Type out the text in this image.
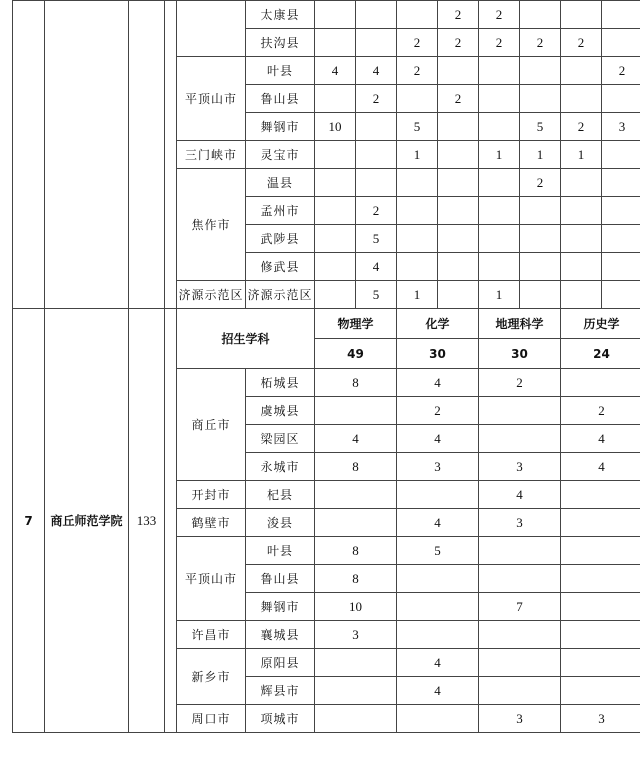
					太康县				2	2			
					扶沟县			2	2	2	2	2	
				平顶山市	叶县	4	4	2					2
					鲁山县		2		2				
					舞钢市	10		5			5	2	3
				三门峡市	灵宝市			1		1	1	1	
				焦作市	温县						2		
					孟州市		2						
					武陟县		5						
					修武县		4						
				济源示范区	济源示范区		5	1		1			
7	商丘师范学院	133		招生学科		物理学		化学		地理科学		历史学	
						49		30		30		24	
				商丘市	柘城县	8		4		2			
					虞城县			2				2	
					梁园区	4		4				4	
					永城市	8		3		3		4	
				开封市	杞县					4			
				鹤壁市	浚县			4		3			
				平顶山市	叶县	8		5					
					鲁山县	8							
					舞钢市	10				7			
				许昌市	襄城县	3							
				新乡市	原阳县			4					
					辉县市			4					
				周口市	项城市					3		3	
